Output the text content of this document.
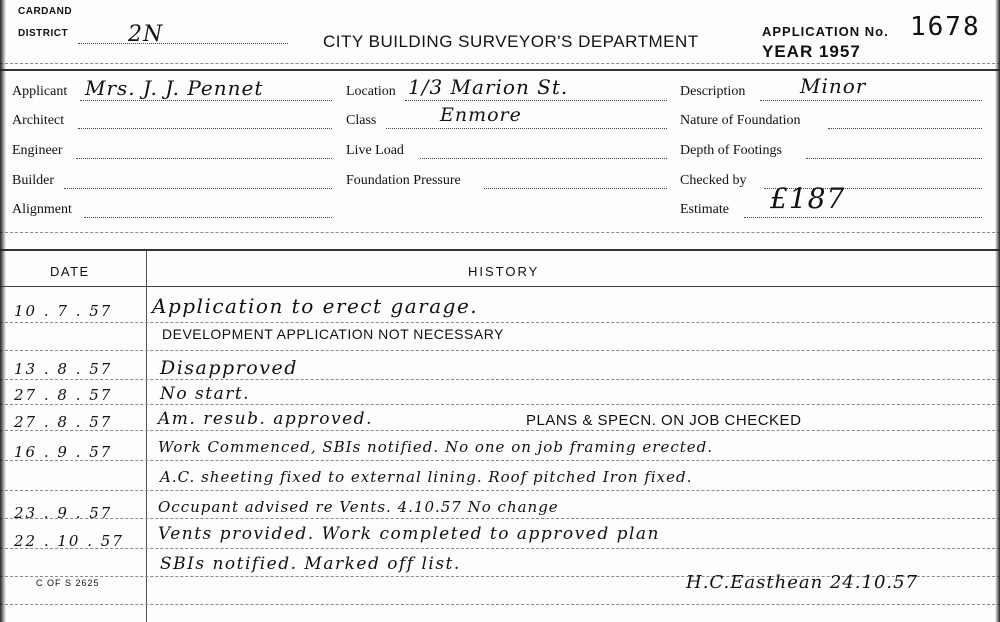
CARDAND
DISTRICT	2N	CITY BUILDING SURVEYOR'S DEPARTMENT
APPLICATION No. 1678
YEAR 1957
Applicant Mrs. J. J. Pennet
Architect
Engineer
Builder
Alignment
Location 1/3 Marion St.
Class	Enmore
Live Load
Foundation Pressure
Description	Minor
Nature of Foundation
Depth of Footings
Checked by
Estimate £187
DATE	HISTORY
10 . 7 . 57 Application to erect garage.
DEVELOPMENT APPLICATION NOT NECESSARY
13 . 8 . 57	Disapproved
27 . 8 . 57	No start.
27 . 8 . 57	Am. resub. approved.	PLANS & SPECN. ON JOB CHECKED
16 . 9 . 57	Work Commenced, SBIs notified. No one on job framing erected.
A.C. sheeting fixed to external lining. Roof pitched Iron fixed.
23 . 9 . 57	Occupant advised re Vents. 4.10.57 No change
22 . 10 . 57 Vents provided. Work completed to approved plan
SBIs notified. Marked off list.
H.C.Easthean 24.10.57
C OF S 2625
